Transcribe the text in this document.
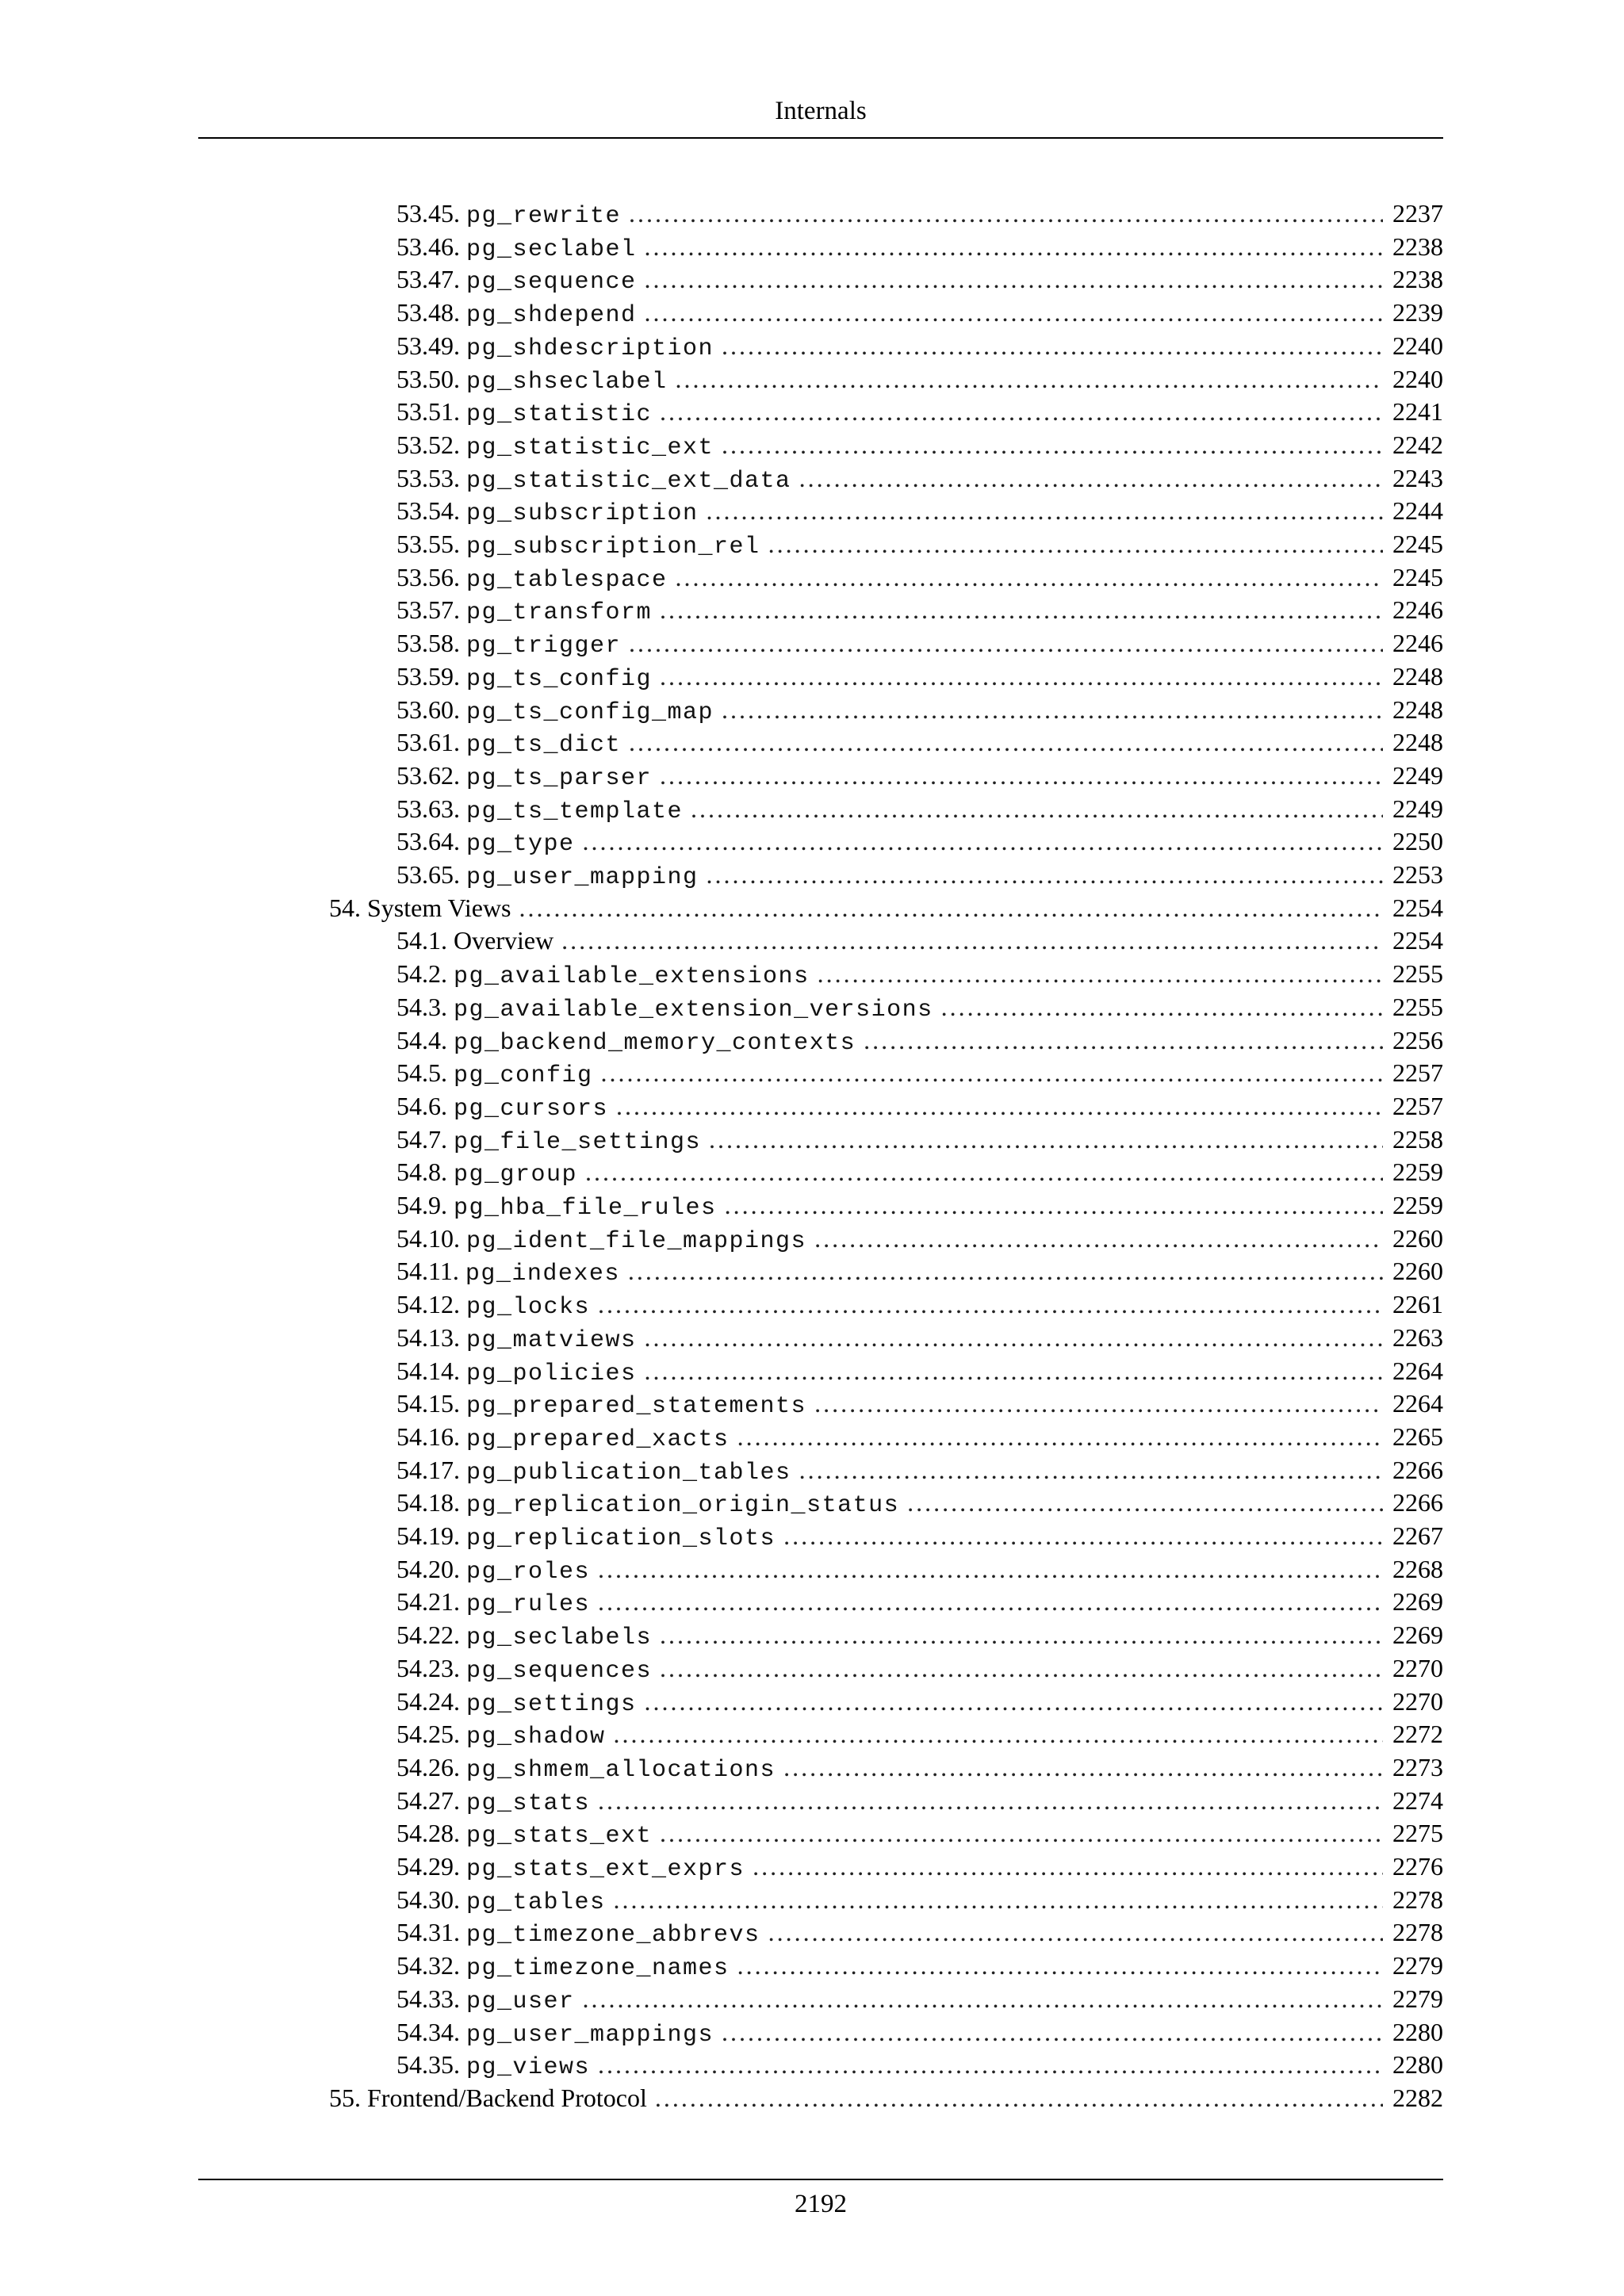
Internals
53.45. pg_rewrite .....	2237
53.46. pg_seclabel .....	2238
53.47. pg_sequence .....	2238
53.48. pg_shdepend .....	2239
53.49. pg_shdescription .....	2240
53.50. pg_shseclabel .....	2240
53.51. pg_statistic .....	2241
53.52. pg_statistic_ext .....	2242
53.53. pg_statistic_ext_data .....	2243
53.54. pg_subscription .....	2244
53.55. pg_subscription_rel .....	2245
53.56. pg_tablespace .....	2245
53.57. pg_transform .....	2246
53.58. pg_trigger .....	2246
53.59. pg_ts_config .....	2248
53.60. pg_ts_config_map .....	2248
53.61. pg_ts_dict .....	2248
53.62. pg_ts_parser .....	2249
53.63. pg_ts_template .....	2249
53.64. pg_type .....	2250
53.65. pg_user_mapping .....	2253
54. System Views .....	2254
54.1. Overview .....	2254
54.2. pg_available_extensions .....	2255
54.3. pg_available_extension_versions .....	2255
54.4. pg_backend_memory_contexts .....	2256
54.5. pg_config .....	2257
54.6. pg_cursors .....	2257
54.7. pg_file_settings .....	2258
54.8. pg_group .....	2259
54.9. pg_hba_file_rules .....	2259
54.10. pg_ident_file_mappings .....	2260
54.11. pg_indexes .....	2260
54.12. pg_locks .....	2261
54.13. pg_matviews .....	2263
54.14. pg_policies .....	2264
54.15. pg_prepared_statements .....	2264
54.16. pg_prepared_xacts .....	2265
54.17. pg_publication_tables .....	2266
54.18. pg_replication_origin_status .....	2266
54.19. pg_replication_slots .....	2267
54.20. pg_roles .....	2268
54.21. pg_rules .....	2269
54.22. pg_seclabels .....	2269
54.23. pg_sequences .....	2270
54.24. pg_settings .....	2270
54.25. pg_shadow .....	2272
54.26. pg_shmem_allocations .....	2273
54.27. pg_stats .....	2274
54.28. pg_stats_ext .....	2275
54.29. pg_stats_ext_exprs .....	2276
54.30. pg_tables .....	2278
54.31. pg_timezone_abbrevs .....	2278
54.32. pg_timezone_names .....	2279
54.33. pg_user .....	2279
54.34. pg_user_mappings .....	2280
54.35. pg_views .....	2280
55. Frontend/Backend Protocol .....	2282
2192
